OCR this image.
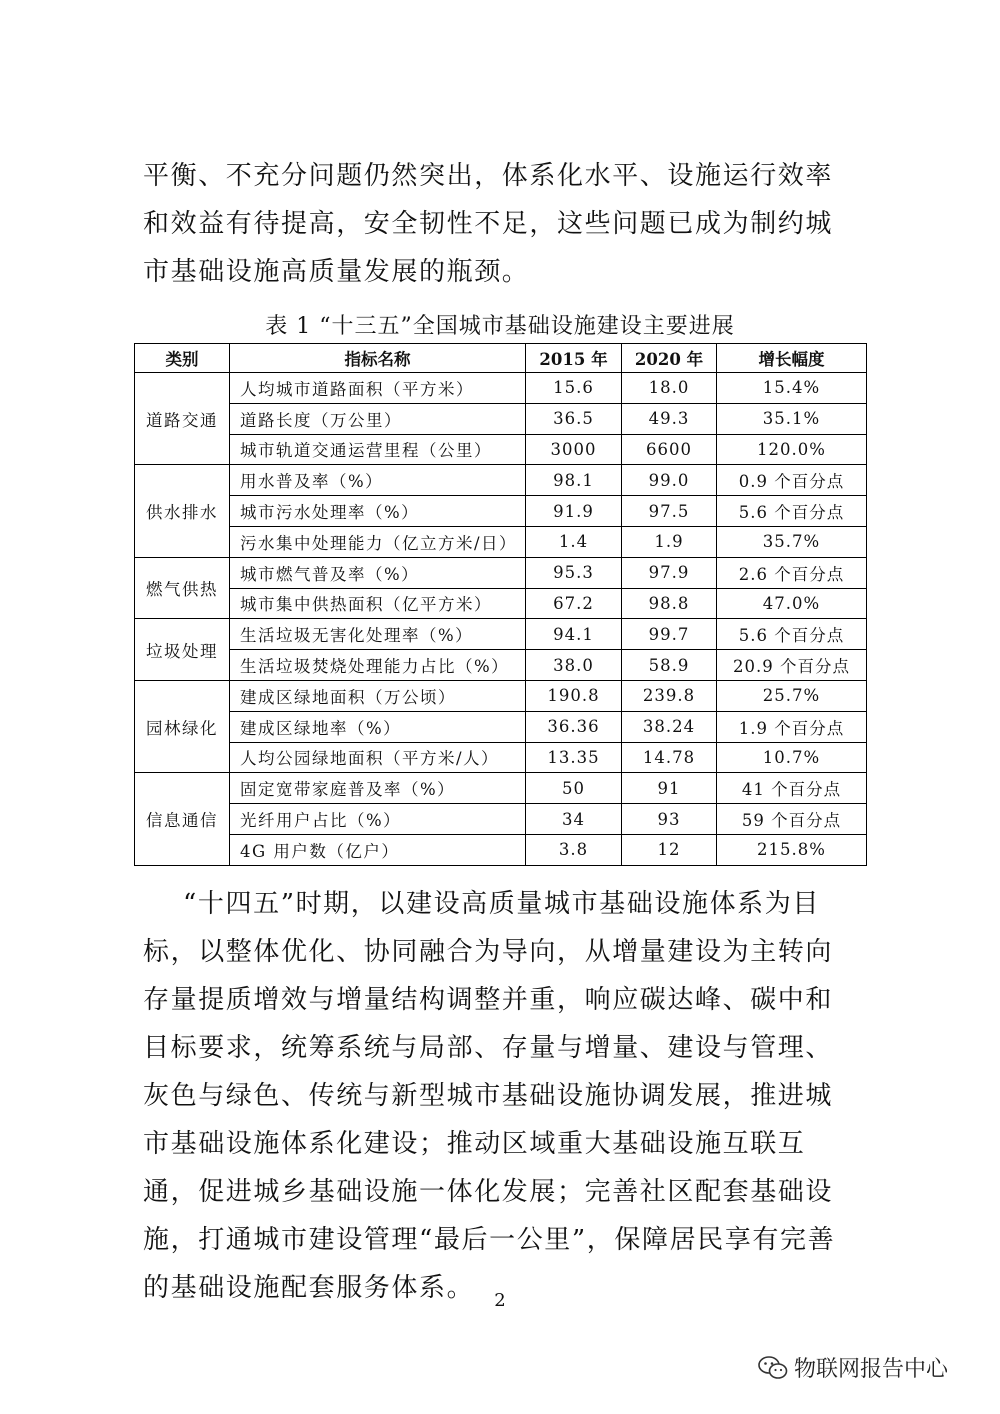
平衡、不充分问题仍然突出，体系化水平、设施运行效率和效益有待提高，安全韧性不足，这些问题已成为制约城市基础设施高质量发展的瓶颈。

表 1 “十三五”全国城市基础设施建设主要进展

类别	指标名称	2015 年	2020 年	增长幅度
道路交通	人均城市道路面积（平方米）	15.6	18.0	15.4%
	道路长度（万公里）	36.5	49.3	35.1%
	城市轨道交通运营里程（公里）	3000	6600	120.0%
供水排水	用水普及率（%）	98.1	99.0	0.9 个百分点
	城市污水处理率（%）	91.9	97.5	5.6 个百分点
	污水集中处理能力（亿立方米/日）	1.4	1.9	35.7%
燃气供热	城市燃气普及率（%）	95.3	97.9	2.6 个百分点
	城市集中供热面积（亿平方米）	67.2	98.8	47.0%
垃圾处理	生活垃圾无害化处理率（%）	94.1	99.7	5.6 个百分点
	生活垃圾焚烧处理能力占比（%）	38.0	58.9	20.9 个百分点
园林绿化	建成区绿地面积（万公顷）	190.8	239.8	25.7%
	建成区绿地率（%）	36.36	38.24	1.9 个百分点
	人均公园绿地面积（平方米/人）	13.35	14.78	10.7%
信息通信	固定宽带家庭普及率（%）	50	91	41 个百分点
	光纤用户占比（%）	34	93	59 个百分点
	4G 用户数（亿户）	3.8	12	215.8%

“十四五”时期，以建设高质量城市基础设施体系为目标，以整体优化、协同融合为导向，从增量建设为主转向存量提质增效与增量结构调整并重，响应碳达峰、碳中和目标要求，统筹系统与局部、存量与增量、建设与管理、灰色与绿色、传统与新型城市基础设施协调发展，推进城市基础设施体系化建设；推动区域重大基础设施互联互通，促进城乡基础设施一体化发展；完善社区配套基础设施，打通城市建设管理“最后一公里”，保障居民享有完善的基础设施配套服务体系。	2
物联网报告中心
